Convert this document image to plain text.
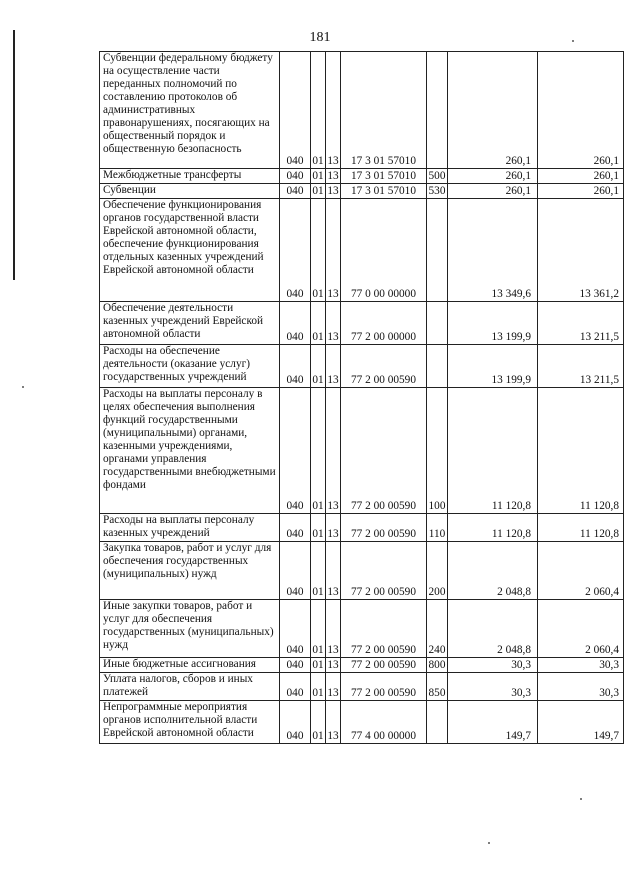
181
Субвенции федеральному бюджету на осуществление части переданных полномочий по составлению протоколов об административных правонарушениях, посягающих на общественный порядок и общественную безопасность	040	01	13	17 3 01 57010		260,1	260,1
Межбюджетные трансферты	040	01	13	17 3 01 57010	500	260,1	260,1
Субвенции	040	01	13	17 3 01 57010	530	260,1	260,1
Обеспечение функционирования органов государственной власти Еврейской автономной области, обеспечение функционирования отдельных казенных учреждений Еврейской автономной области	040	01	13	77 0 00 00000		13 349,6	13 361,2
Обеспечение деятельности казенных учреждений Еврейской автономной области	040	01	13	77 2 00 00000		13 199,9	13 211,5
Расходы на обеспечение деятельности (оказание услуг) государственных учреждений	040	01	13	77 2 00 00590		13 199,9	13 211,5
Расходы на выплаты персоналу в целях обеспечения выполнения функций государственными (муниципальными) органами, казенными учреждениями, органами управления государственными внебюджетными фондами	040	01	13	77 2 00 00590	100	11 120,8	11 120,8
Расходы на выплаты персоналу казенных учреждений	040	01	13	77 2 00 00590	110	11 120,8	11 120,8
Закупка товаров, работ и услуг для обеспечения государственных (муниципальных) нужд	040	01	13	77 2 00 00590	200	2 048,8	2 060,4
Иные закупки товаров, работ и услуг для обеспечения государственных (муниципальных) нужд	040	01	13	77 2 00 00590	240	2 048,8	2 060,4
Иные бюджетные ассигнования	040	01	13	77 2 00 00590	800	30,3	30,3
Уплата налогов, сборов и иных платежей	040	01	13	77 2 00 00590	850	30,3	30,3
Непрограммные мероприятия органов исполнительной власти Еврейской автономной области	040	01	13	77 4 00 00000		149,7	149,7
